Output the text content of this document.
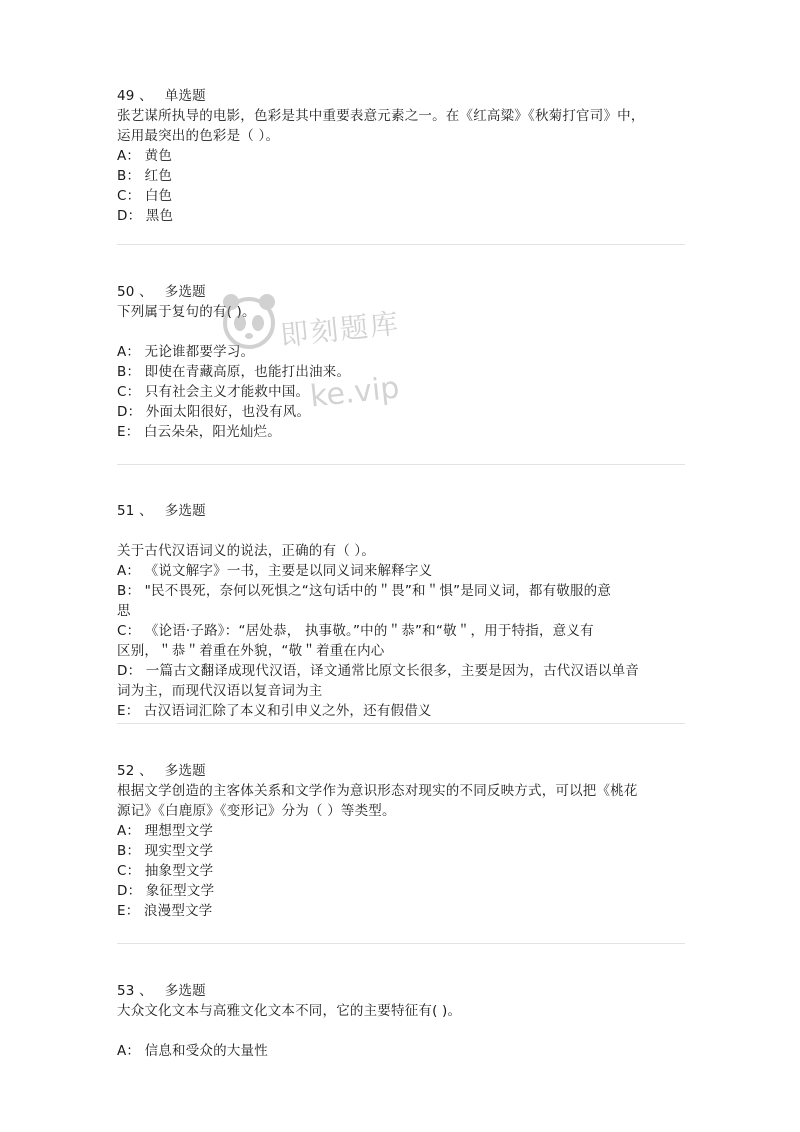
49 、 单选题
张艺谋所执导的电影，色彩是其中重要表意元素之一。在《红高粱》《秋菊打官司》中，
运用最突出的色彩是（ ）。
A： 黄色
B： 红色
C： 白色
D： 黑色
50 、 多选题
下列属于复句的有( )。
A： 无论谁都要学习。
B： 即使在青藏高原，也能打出油来。
C： 只有社会主义才能救中国。
D： 外面太阳很好，也没有风。
E： 白云朵朵，阳光灿烂。
51 、 多选题
关于古代汉语词义的说法，正确的有（ ）。
A： 《说文解字》一书，主要是以同义词来解释字义
B： "民不畏死，奈何以死惧之“这句话中的＂畏”和＂惧”是同义词，都有敬服的意
思
C： 《论语·子路》：“居处恭， 执事敬。”中的＂恭”和“敬＂，用于特指，意义有
区别，＂恭＂着重在外貌，“敬＂着重在内心
D： 一篇古文翻译成现代汉语，译文通常比原文长很多，主要是因为，古代汉语以单音
词为主，而现代汉语以复音词为主
E： 古汉语词汇除了本义和引申义之外，还有假借义
52 、 多选题
根据文学创造的主客体关系和文学作为意识形态对现实的不同反映方式，可以把《桃花
源记》《白鹿原》《变形记》分为（ ）等类型。
A： 理想型文学
B： 现实型文学
C： 抽象型文学
D： 象征型文学
E： 浪漫型文学
53 、 多选题
大众文化文本与高雅文化文本不同，它的主要特征有( )。
A： 信息和受众的大量性
即刻题库
ke.vip
